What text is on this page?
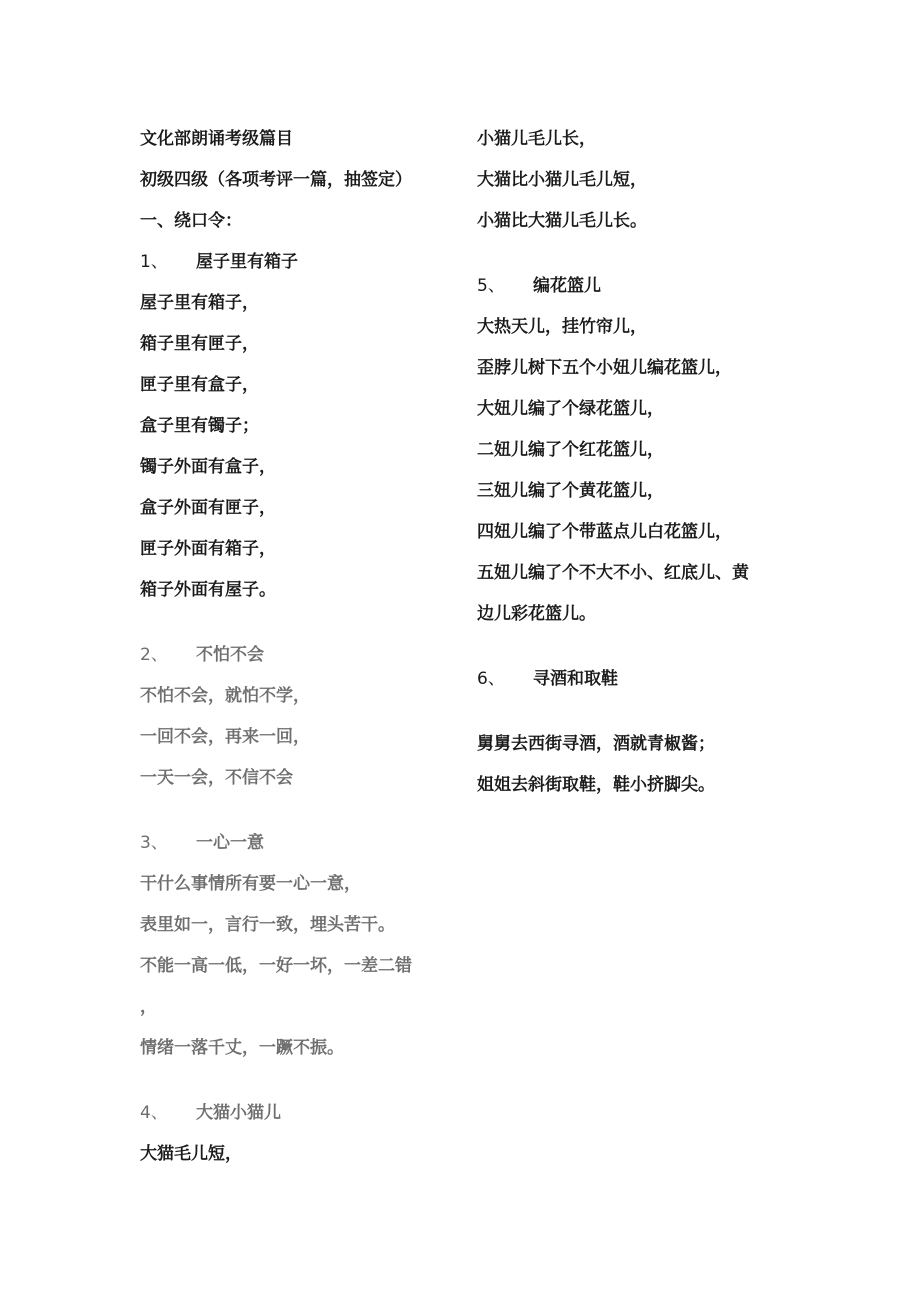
文化部朗诵考级篇目
初级四级（各项考评一篇，抽签定）
一、绕口令：
1、 屋子里有箱子
屋子里有箱子，
箱子里有匣子，
匣子里有盒子，
盒子里有镯子；
镯子外面有盒子，
盒子外面有匣子，
匣子外面有箱子，
箱子外面有屋子。
2、 不怕不会
不怕不会，就怕不学，
一回不会，再来一回，
一天一会，不信不会
3、 一心一意
干什么事情所有要一心一意，
表里如一，言行一致，埋头苦干。
不能一高一低，一好一坏，一差二错
，
情绪一落千丈，一蹶不振。
4、 大猫小猫儿
大猫毛儿短，
小猫儿毛儿长，
大猫比小猫儿毛儿短，
小猫比大猫儿毛儿长。
5、 编花篮儿
大热天儿，挂竹帘儿，
歪脖儿树下五个小妞儿编花篮儿，
大妞儿编了个绿花篮儿，
二妞儿编了个红花篮儿，
三妞儿编了个黄花篮儿，
四妞儿编了个带蓝点儿白花篮儿，
五妞儿编了个不大不小、红底儿、黄
边儿彩花篮儿。
6、 寻酒和取鞋
舅舅去西街寻酒，酒就青椒酱；
姐姐去斜街取鞋，鞋小挤脚尖。
